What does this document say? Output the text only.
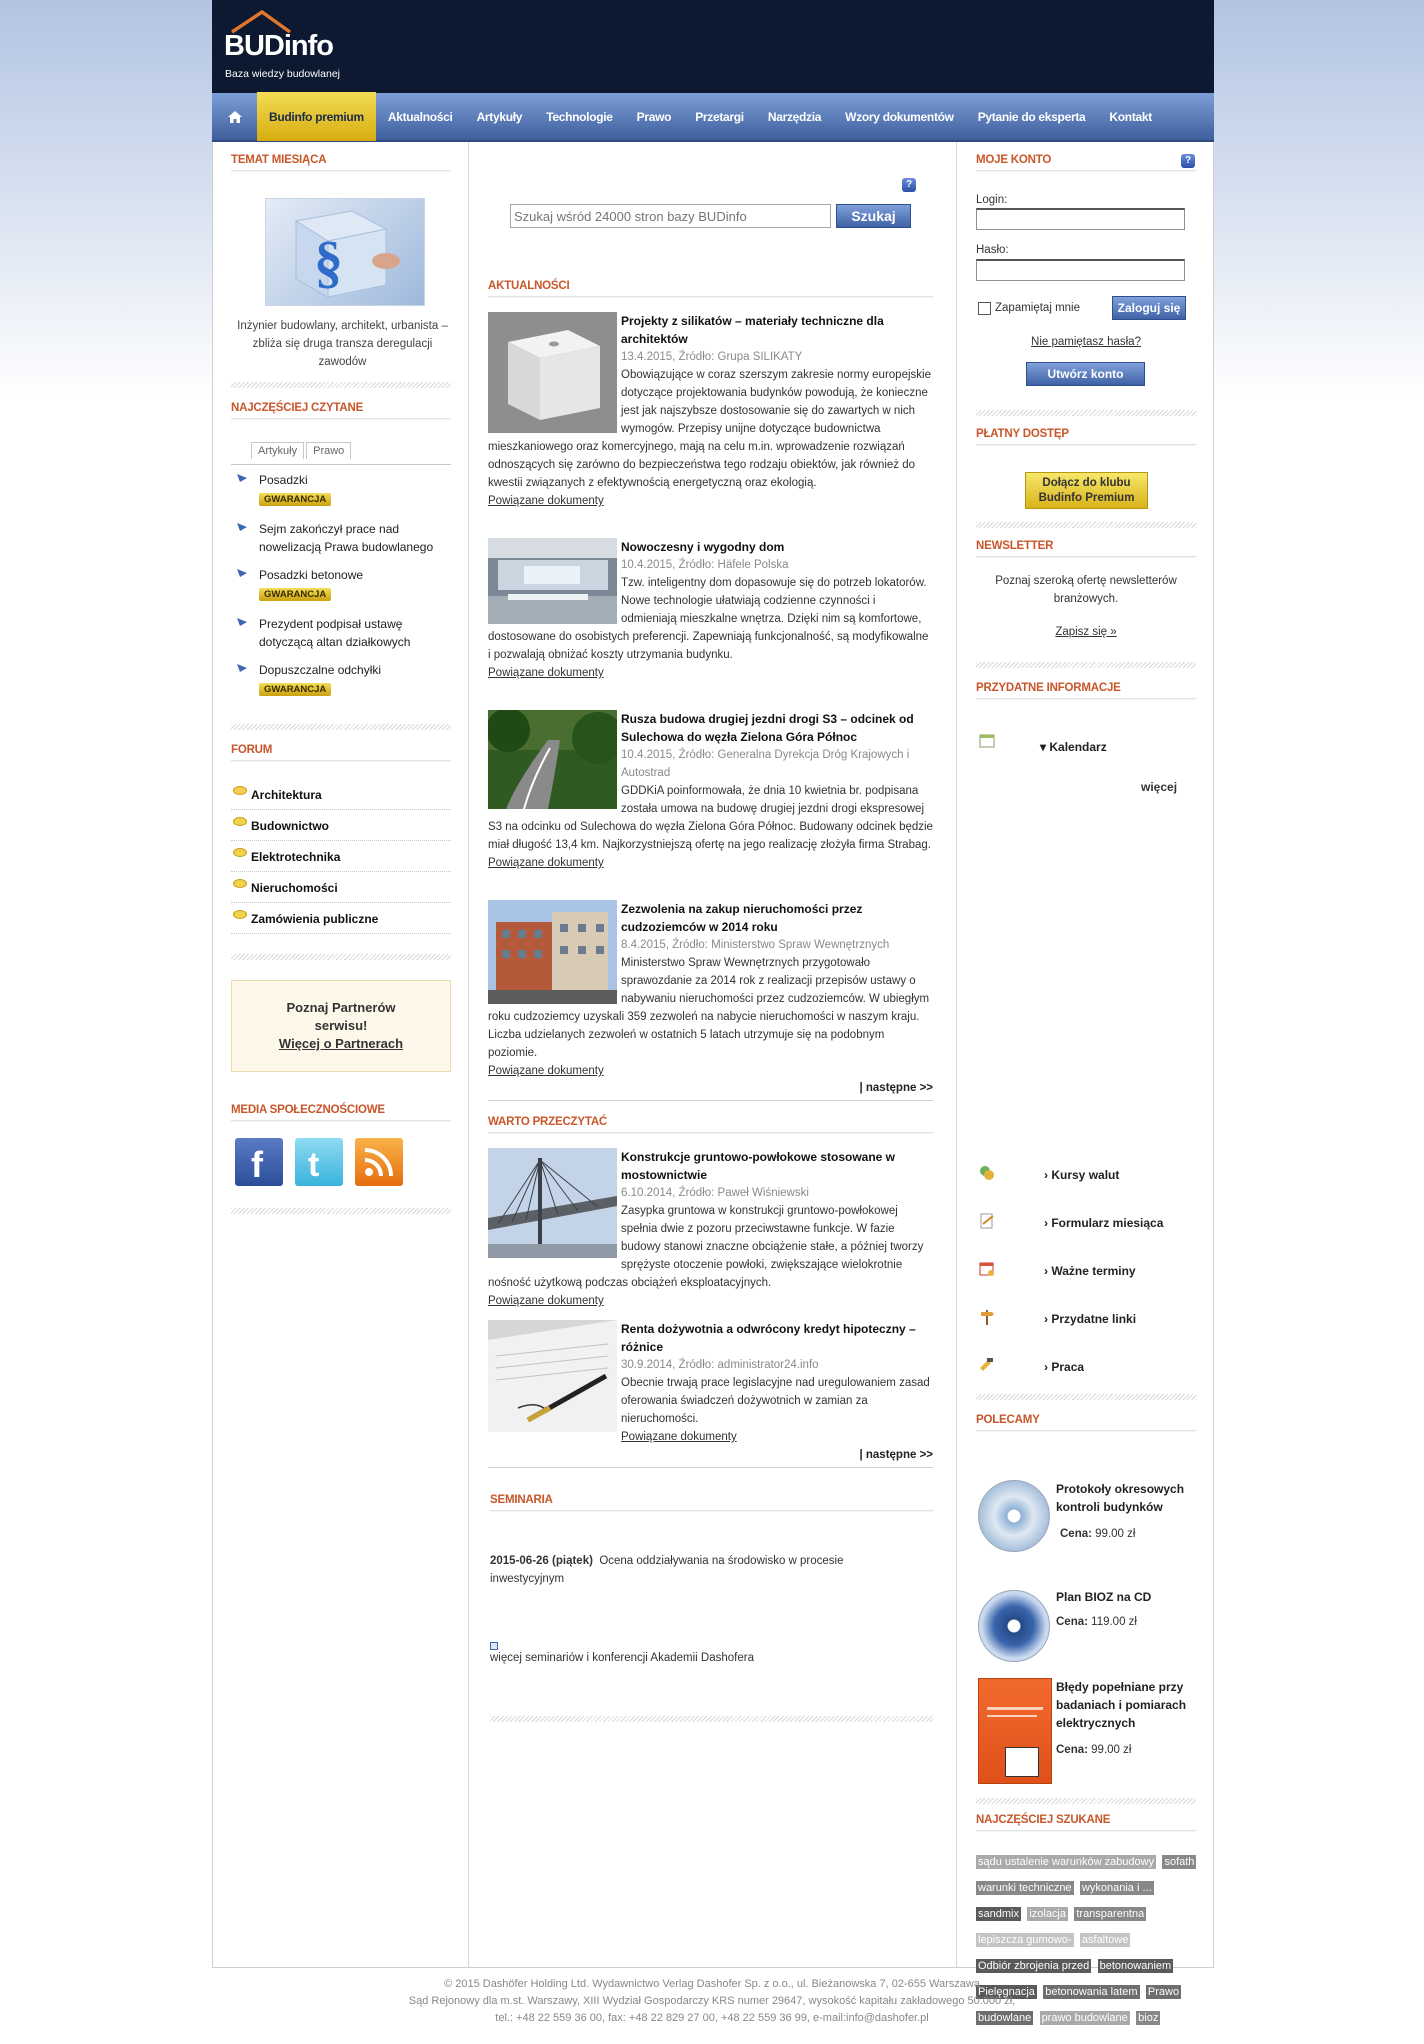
BUDinfo
Baza wiedzy budowlanej
Budinfo premium	Aktualności	Artykuły	Technologie	Prawo	Przetargi	Narzędzia	Wzory dokumentów	Pytanie do eksperta	Kontakt
TEMAT MIESIĄCA
§
Inżynier budowlany, architekt, urbanista – zbliża się druga transza deregulacji zawodów
NAJCZĘŚCIEJ CZYTANE
Artykuły Prawo
Posadzki
GWARANCJA
Sejm zakończył prace nad nowelizacją Prawa budowlanego
Posadzki betonowe
GWARANCJA
Prezydent podpisał ustawę dotyczącą altan działkowych
Dopuszczalne odchyłki
GWARANCJA
FORUM
Architektura
Budownictwo
Elektrotechnika
Nieruchomości
Zamówienia publiczne
Poznaj Partnerów
serwisu!
Więcej o Partnerach
MEDIA SPOŁECZNOŚCIOWE
f t
?
Szukaj wśród 24000 stron bazy BUDinfo
Szukaj
AKTUALNOŚCI
Projekty z silikatów – materiały techniczne dla architektów
13.4.2015, Źródło: Grupa SILIKATY
Obowiązujące w coraz szerszym zakresie normy europejskie dotyczące projektowania budynków powodują, że konieczne jest jak najszybsze dostosowanie się do zawartych w nich wymogów. Przepisy unijne dotyczące budownictwa mieszkaniowego oraz komercyjnego, mają na celu m.in. wprowadzenie rozwiązań odnoszących się zarówno do bezpieczeństwa tego rodzaju obiektów, jak również do kwestii związanych z efektywnością energetyczną oraz ekologią.
Powiązane dokumenty
Nowoczesny i wygodny dom
10.4.2015, Źródło: Häfele Polska
Tzw. inteligentny dom dopasowuje się do potrzeb lokatorów. Nowe technologie ułatwiają codzienne czynności i odmieniają mieszkalne wnętrza. Dzięki nim są komfortowe, dostosowane do osobistych preferencji. Zapewniają funkcjonalność, są modyfikowalne i pozwalają obniżać koszty utrzymania budynku.
Powiązane dokumenty
Rusza budowa drugiej jezdni drogi S3 – odcinek od Sulechowa do węzła Zielona Góra Północ
10.4.2015, Źródło: Generalna Dyrekcja Dróg Krajowych i Autostrad
GDDKiA poinformowała, że dnia 10 kwietnia br. podpisana została umowa na budowę drugiej jezdni drogi ekspresowej S3 na odcinku od Sulechowa do węzła Zielona Góra Północ. Budowany odcinek będzie miał długość 13,4 km. Najkorzystniejszą ofertę na jego realizację złożyła firma Strabag.
Powiązane dokumenty
Zezwolenia na zakup nieruchomości przez cudzoziemców w 2014 roku
8.4.2015, Źródło: Ministerstwo Spraw Wewnętrznych
Ministerstwo Spraw Wewnętrznych przygotowało sprawozdanie za 2014 rok z realizacji przepisów ustawy o nabywaniu nieruchomości przez cudzoziemców. W ubiegłym roku cudzoziemcy uzyskali 359 zezwoleń na nabycie nieruchomości w naszym kraju. Liczba udzielanych zezwoleń w ostatnich 5 latach utrzymuje się na podobnym poziomie.
Powiązane dokumenty
| następne >>
WARTO PRZECZYTAĆ
Konstrukcje gruntowo-powłokowe stosowane w mostownictwie
6.10.2014, Źródło: Paweł Wiśniewski
Zasypka gruntowa w konstrukcji gruntowo-powłokowej spełnia dwie z pozoru przeciwstawne funkcje. W fazie budowy stanowi znaczne obciążenie stałe, a później tworzy sprężyste otoczenie powłoki, zwiększające wielokrotnie nośność użytkową podczas obciążeń eksploatacyjnych.
Powiązane dokumenty
Renta dożywotnia a odwrócony kredyt hipoteczny – różnice
30.9.2014, Źródło: administrator24.info
Obecnie trwają prace legislacyjne nad uregulowaniem zasad oferowania świadczeń dożywotnich w zamian za nieruchomości.
Powiązane dokumenty
| następne >>
SEMINARIA
2015-06-26 (piątek) Ocena oddziaływania na środowisko w procesie inwestycyjnym
więcej seminariów i konferencji Akademii Dashofera
MOJE KONTO	?
Login:
Hasło:
Zapamiętaj mnie	Zaloguj się
Nie pamiętasz hasła?
Utwórz konto
PŁATNY DOSTĘP
Dołącz do klubu
Budinfo Premium
NEWSLETTER
Poznaj szeroką ofertę newsletterów branżowych.
Zapisz się »
PRZYDATNE INFORMACJE
▾ Kalendarz
więcej
› Kursy walut
› Formularz miesiąca
› Ważne terminy
› Przydatne linki
› Praca
POLECAMY
Protokoły okresowych kontroli budynków
Cena: 99.00 zł
Plan BIOZ na CD
Cena: 119.00 zł
Błędy popełniane przy badaniach i pomiarach elektrycznych
Cena: 99.00 zł
NAJCZĘŚCIEJ SZUKANE
sądu ustalenie warunków zabudowy sofath warunki techniczne wykonania i ... sandmix izolacja transparentna lepiszcza gumowo- asfaltowe Odbiór zbrojenia przed betonowaniem Pielęgnacja betonowania latem Prawo budowlane prawo budowlane bioz
© 2015 Dashöfer Holding Ltd. Wydawnictwo Verlag Dashofer Sp. z o.o., ul. Bieżanowska 7, 02-655 Warszawa
Sąd Rejonowy dla m.st. Warszawy, XIII Wydział Gospodarczy KRS numer 29647, wysokość kapitału zakładowego 50.000 zł,
tel.: +48 22 559 36 00, fax: +48 22 829 27 00, +48 22 559 36 99, e-mail:info@dashofer.pl
